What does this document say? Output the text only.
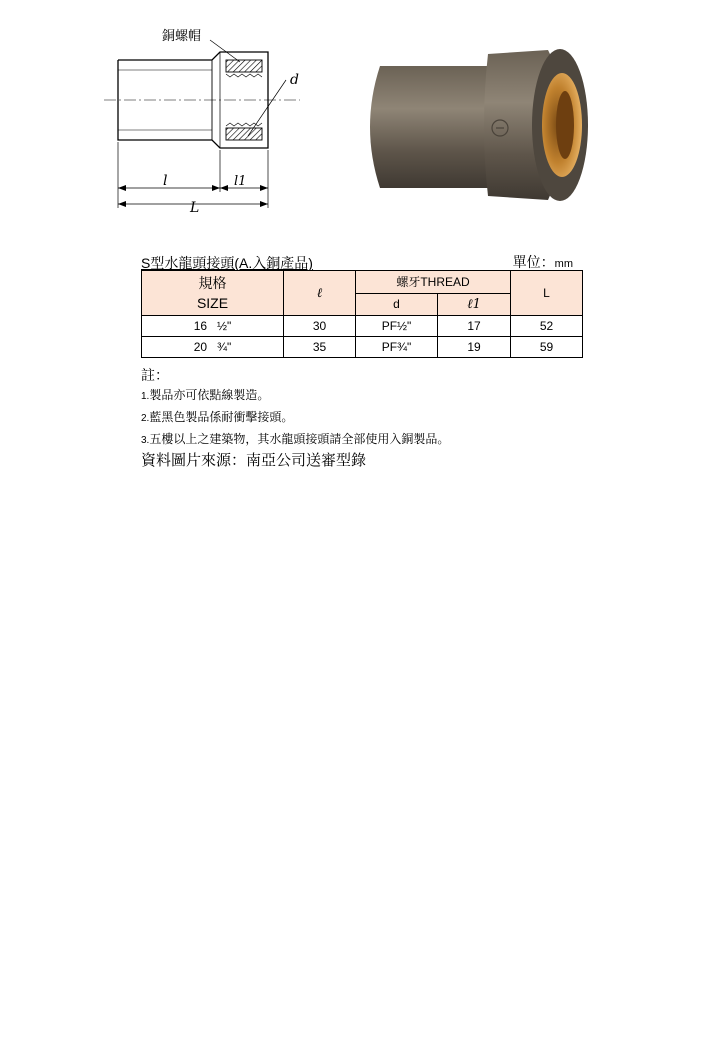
銅螺帽
d
l	l1
L
S型水龍頭接頭(A.入銅產品)	單位：mm
規格
SIZE	ℓ	螺牙THREAD		L
		d	ℓ1	
16   ½"	30	PF½"	17	52
20   ¾"	35	PF¾"	19	59
註：
1.製品亦可依點線製造。
2.藍黑色製品係耐衝擊接頭。
3.五樓以上之建築物，其水龍頭接頭請全部使用入銅製品。
資料圖片來源：南亞公司送審型錄
